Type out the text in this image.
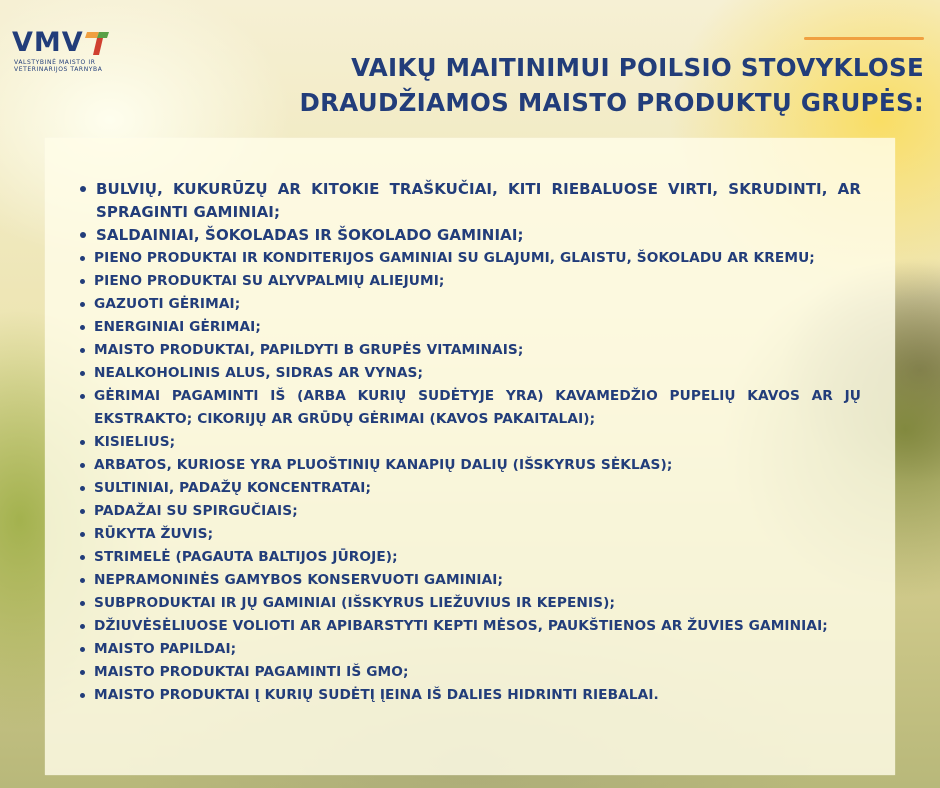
VMV
VALSTYBINĖ MAISTO IR
VETERINARIJOS TARNYBA	VAIKŲ MAITINIMUI POILSIO STOVYKLOSE
DRAUDŽIAMOS MAISTO PRODUKTŲ GRUPĖS:
BULVIŲ, KUKURŪZŲ AR KITOKIE TRAŠKUČIAI, KITI RIEBALUOSE VIRTI, SKRUDINTI, AR SPRAGINTI GAMINIAI;
SALDAINIAI, ŠOKOLADAS IR ŠOKOLADO GAMINIAI;
PIENO PRODUKTAI IR KONDITERIJOS GAMINIAI SU GLAJUMI, GLAISTU, ŠOKOLADU AR KREMU;
PIENO PRODUKTAI SU ALYVPALMIŲ ALIEJUMI;
GAZUOTI GĖRIMAI;
ENERGINIAI GĖRIMAI;
MAISTO PRODUKTAI, PAPILDYTI B GRUPĖS VITAMINAIS;
NEALKOHOLINIS ALUS, SIDRAS AR VYNAS;
GĖRIMAI PAGAMINTI IŠ (ARBA KURIŲ SUDĖTYJE YRA) KAVAMEDŽIO PUPELIŲ KAVOS AR JŲ EKSTRAKTO; CIKORIJŲ AR GRŪDŲ GĖRIMAI (KAVOS PAKAITALAI);
KISIELIUS;
ARBATOS, KURIOSE YRA PLUOŠTINIŲ KANAPIŲ DALIŲ (IŠSKYRUS SĖKLAS);
SULTINIAI, PADAŽŲ KONCENTRATAI;
PADAŽAI SU SPIRGUČIAIS;
RŪKYTA ŽUVIS;
STRIMELĖ (PAGAUTA BALTIJOS JŪROJE);
NEPRAMONINĖS GAMYBOS KONSERVUOTI GAMINIAI;
SUBPRODUKTAI IR JŲ GAMINIAI (IŠSKYRUS LIEŽUVIUS IR KEPENIS);
DŽIUVĖSĖLIUOSE VOLIOTI AR APIBARSTYTI KEPTI MĖSOS, PAUKŠTIENOS AR ŽUVIES GAMINIAI;
MAISTO PAPILDAI;
MAISTO PRODUKTAI PAGAMINTI IŠ GMO;
MAISTO PRODUKTAI Į KURIŲ SUDĖTĮ ĮEINA IŠ DALIES HIDRINTI RIEBALAI.
